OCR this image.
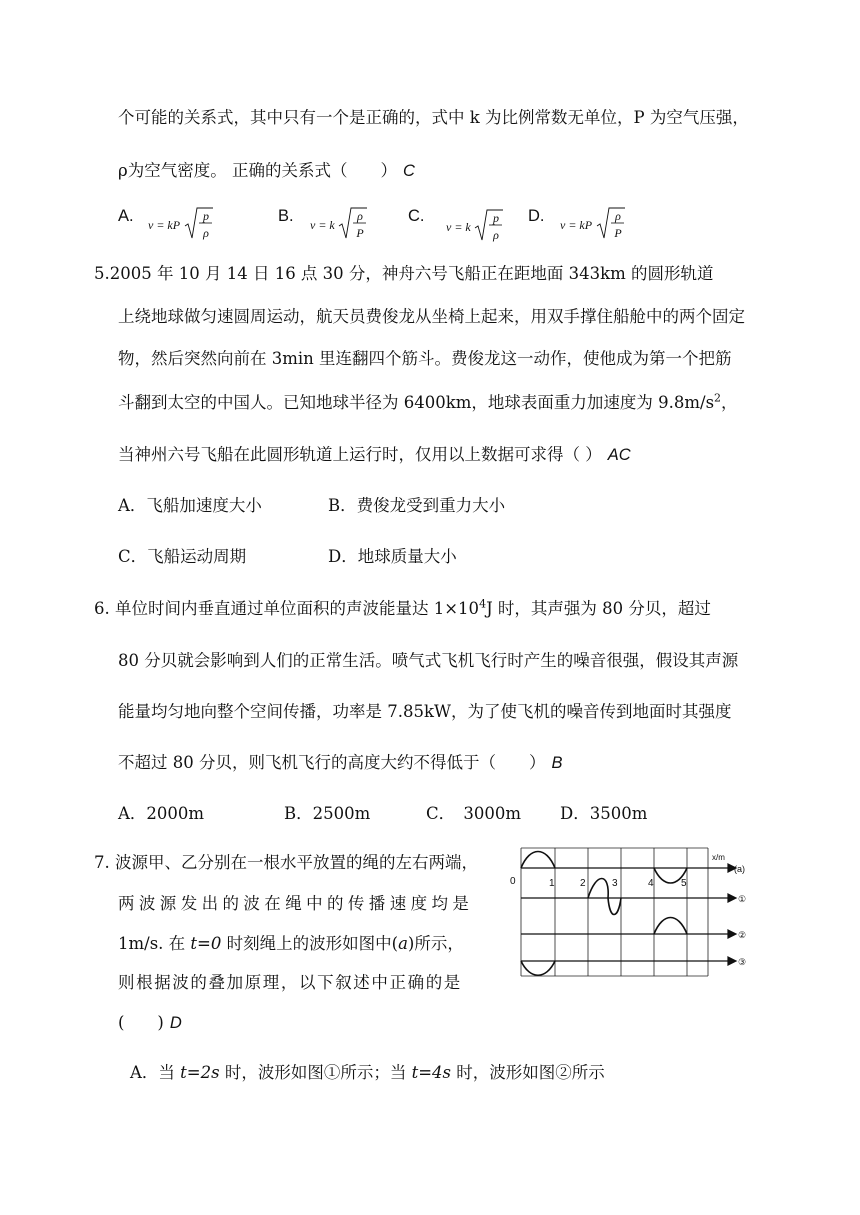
个可能的关系式，其中只有一个是正确的，式中 k 为比例常数无单位，P 为空气压强，
ρ为空气密度。 正确的关系式（　　） C
A. v = kP
p
ρ
B. v = k
ρ
P
C.
v = k
p
ρ
D. v = kP
ρ
P
5.2005 年 10 月 14 日 16 点 30 分，神舟六号飞船正在距地面 343km 的圆形轨道
上绕地球做匀速圆周运动，航天员费俊龙从坐椅上起来，用双手撑住船舱中的两个固定
物，然后突然向前在 3min 里连翻四个筋斗。费俊龙这一动作，使他成为第一个把筋
斗翻到太空的中国人。已知地球半径为 6400km，地球表面重力加速度为 $9.8m/s^2$，
当神州六号飞船在此圆形轨道上运行时，仅用以上数据可求得（ ） AC
A．飞船加速度大小	B．费俊龙受到重力大小
C．飞船运动周期	D．地球质量大小
6. 单位时间内垂直通过单位面积的声波能量达 $1\times 10^4J$ 时，其声强为 80 分贝，超过
80 分贝就会影响到人们的正常生活。喷气式飞机飞行时产生的噪音很强，假设其声源
能量均匀地向整个空间传播，功率是 7.85kW，为了使飞机的噪音传到地面时其强度
不超过 80 分贝，则飞机飞行的高度大约不得低于（　　） B
A．2000m	B．2500m	C．　3000m D．3500m
7. 波源甲、乙分别在一根水平放置的绳的左右两端，
两波源发出的波在绳中的传播速度均是
1m/s. 在 t=0 时刻绳上的波形如图中(a)所示，
则根据波的叠加原理，以下叙述中正确的是
(　　) D
A．当 t=2s 时，波形如图①所示；当 t=4s 时，波形如图②所示
0	1	2	3	4	5
x/m
(a)
①
②
③
